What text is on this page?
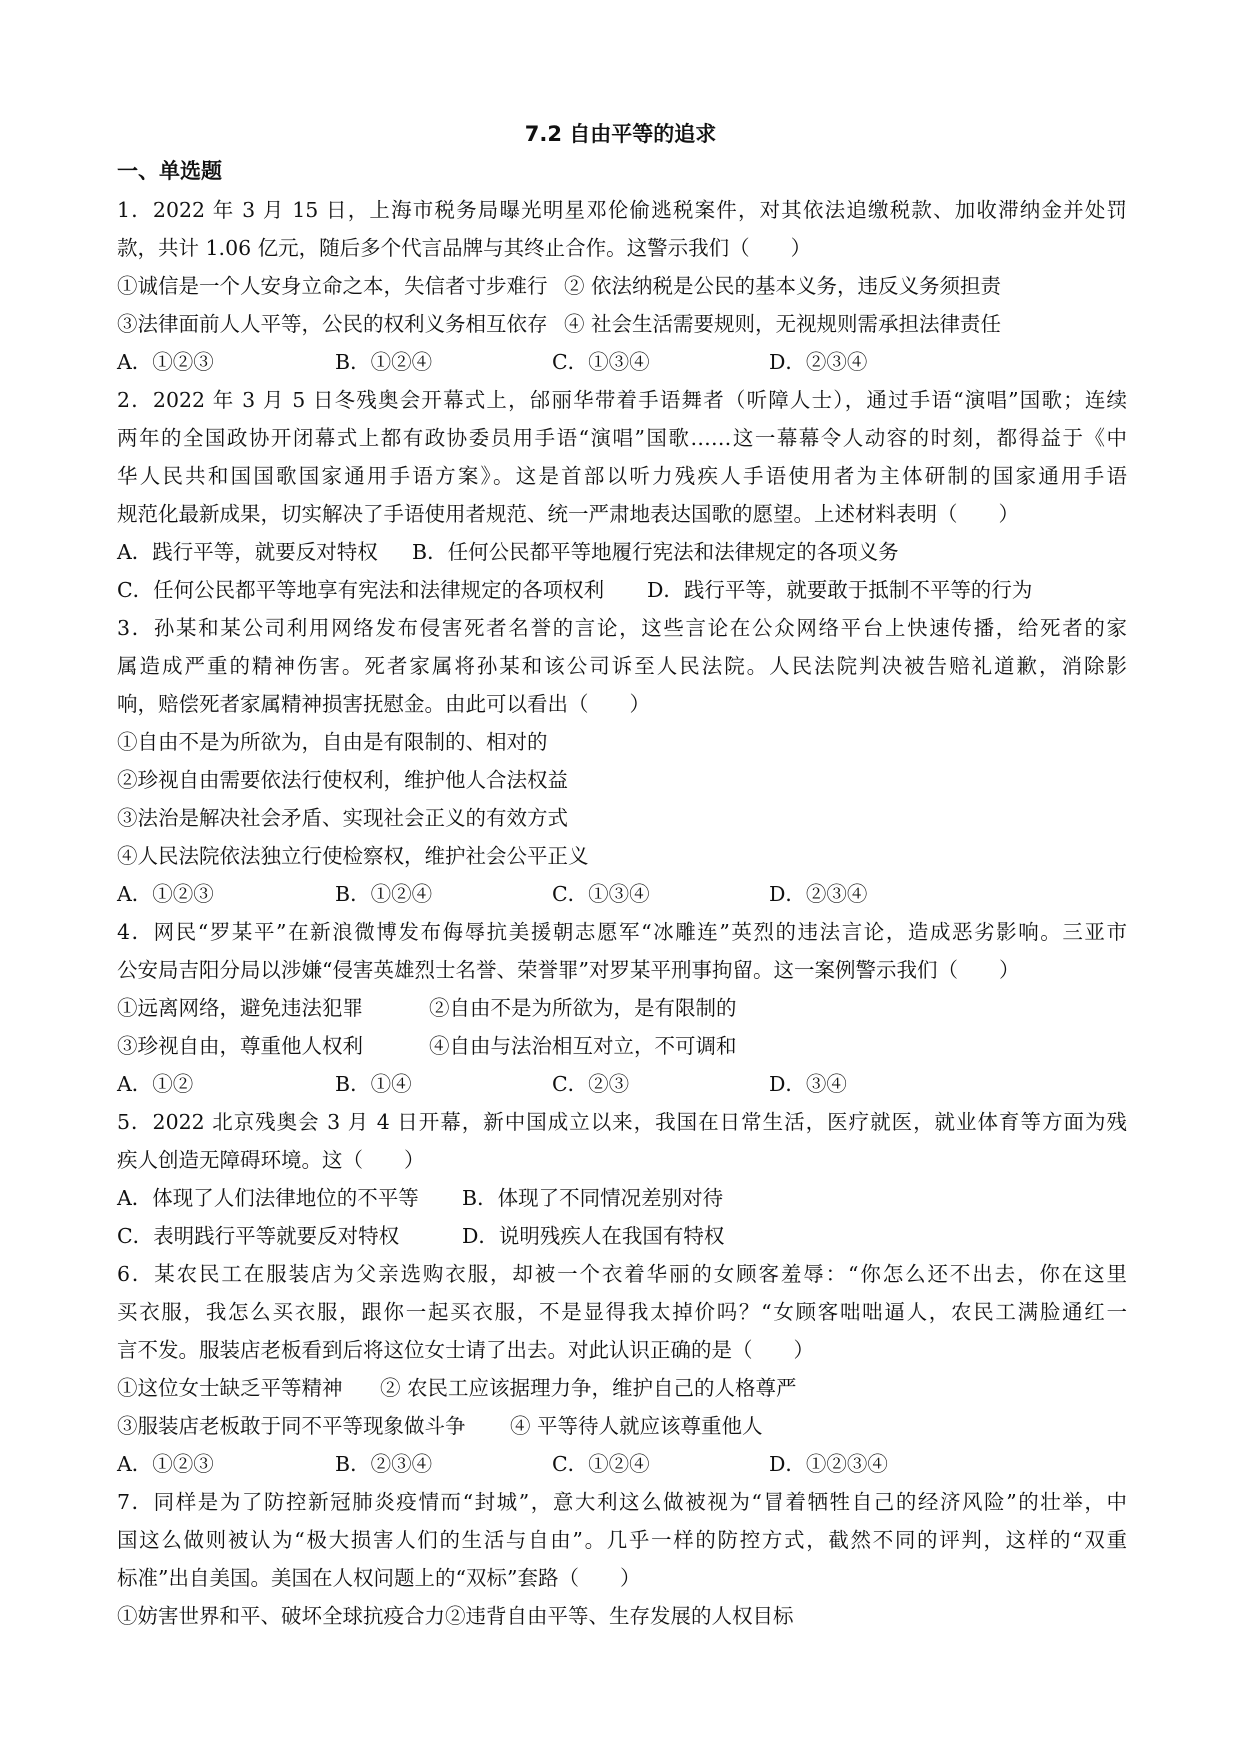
7.2 自由平等的追求
一、单选题
1．2022 年 3 月 15 日，上海市税务局曝光明星邓伦偷逃税案件，对其依法追缴税款、加收滞纳金并处罚
款，共计 1.06 亿元，随后多个代言品牌与其终止合作。这警示我们（　　）
①诚信是一个人安身立命之本，失信者寸步难行 ② 依法纳税是公民的基本义务，违反义务须担责
③法律面前人人平等，公民的权利义务相互依存 ④ 社会生活需要规则，无视规则需承担法律责任
A．①②③	B．①②④	C．①③④	D．②③④
2．2022 年 3 月 5 日冬残奥会开幕式上，邰丽华带着手语舞者（听障人士），通过手语“演唱”国歌；连续
两年的全国政协开闭幕式上都有政协委员用手语“演唱”国歌……这一幕幕令人动容的时刻，都得益于《中
华人民共和国国歌国家通用手语方案》。这是首部以听力残疾人手语使用者为主体研制的国家通用手语
规范化最新成果，切实解决了手语使用者规范、统一严肃地表达国歌的愿望。上述材料表明（　　）
A．践行平等，就要反对特权 B．任何公民都平等地履行宪法和法律规定的各项义务
C．任何公民都平等地享有宪法和法律规定的各项权利 D．践行平等，就要敢于抵制不平等的行为
3．孙某和某公司利用网络发布侵害死者名誉的言论，这些言论在公众网络平台上快速传播，给死者的家
属造成严重的精神伤害。死者家属将孙某和该公司诉至人民法院。人民法院判决被告赔礼道歉，消除影
响，赔偿死者家属精神损害抚慰金。由此可以看出（　　）
①自由不是为所欲为，自由是有限制的、相对的
②珍视自由需要依法行使权利，维护他人合法权益
③法治是解决社会矛盾、实现社会正义的有效方式
④人民法院依法独立行使检察权，维护社会公平正义
A．①②③	B．①②④	C．①③④	D．②③④
4．网民“罗某平”在新浪微博发布侮辱抗美援朝志愿军“冰雕连”英烈的违法言论，造成恶劣影响。三亚市
公安局吉阳分局以涉嫌“侵害英雄烈士名誉、荣誉罪”对罗某平刑事拘留。这一案例警示我们（　　）
①远离网络，避免违法犯罪	②自由不是为所欲为，是有限制的
③珍视自由，尊重他人权利	④自由与法治相互对立，不可调和
A．①②	B．①④	C．②③	D．③④
5．2022 北京残奥会 3 月 4 日开幕，新中国成立以来，我国在日常生活，医疗就医，就业体育等方面为残
疾人创造无障碍环境。这（　　）
A．体现了人们法律地位的不平等 B．体现了不同情况差别对待
C．表明践行平等就要反对特权	D．说明残疾人在我国有特权
6．某农民工在服装店为父亲选购衣服，却被一个衣着华丽的女顾客羞辱：“你怎么还不出去，你在这里
买衣服，我怎么买衣服，跟你一起买衣服，不是显得我太掉价吗？“女顾客咄咄逼人，农民工满脸通红一
言不发。服装店老板看到后将这位女士请了出去。对此认识正确的是（　　）
①这位女士缺乏平等精神 ② 农民工应该据理力争，维护自己的人格尊严
③服装店老板敢于同不平等现象做斗争 ④ 平等待人就应该尊重他人
A．①②③	B．②③④	C．①②④	D．①②③④
7．同样是为了防控新冠肺炎疫情而“封城”，意大利这么做被视为“冒着牺牲自己的经济风险”的壮举，中
国这么做则被认为“极大损害人们的生活与自由”。几乎一样的防控方式，截然不同的评判，这样的“双重
标准”出自美国。美国在人权问题上的“双标”套路（　　）
①妨害世界和平、破坏全球抗疫合力②违背自由平等、生存发展的人权目标
